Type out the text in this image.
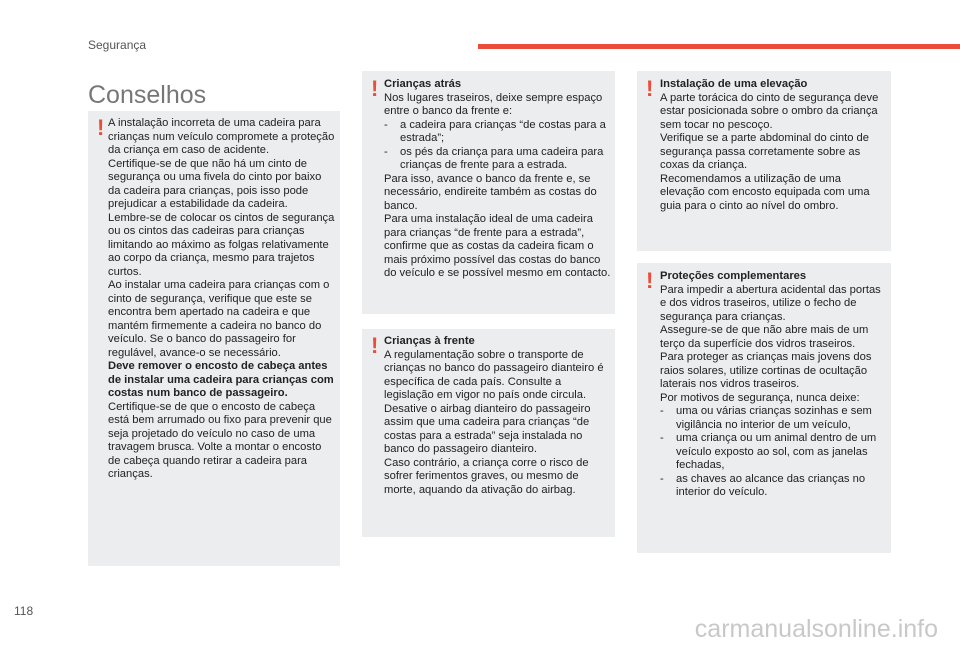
Segurança
Conselhos
! A instalação incorreta de uma cadeira para crianças num veículo compromete a proteção da criança em caso de acidente.

Certifique-se de que não há um cinto de segurança ou uma fivela do cinto por baixo da cadeira para crianças, pois isso pode prejudicar a estabilidade da cadeira.

Lembre-se de colocar os cintos de segurança ou os cintos das cadeiras para crianças limitando ao máximo as folgas relativamente ao corpo da criança, mesmo para trajetos curtos.

Ao instalar uma cadeira para crianças com o cinto de segurança, verifique que este se encontra bem apertado na cadeira e que mantém firmemente a cadeira no banco do veículo. Se o banco do passageiro for regulável, avance-o se necessário.

Deve remover o encosto de cabeça antes de instalar uma cadeira para crianças com costas num banco de passageiro.

Certifique-se de que o encosto de cabeça está bem arrumado ou fixo para prevenir que seja projetado do veículo no caso de uma travagem brusca. Volte a montar o encosto de cabeça quando retirar a cadeira para crianças.

! Crianças atrás

Nos lugares traseiros, deixe sempre espaço entre o banco da frente e:

-	a cadeira para crianças “de costas para a estrada”;
-	os pés da criança para uma cadeira para crianças de frente para a estrada.

Para isso, avance o banco da frente e, se necessário, endireite também as costas do banco.

Para uma instalação ideal de uma cadeira para crianças “de frente para a estrada”, confirme que as costas da cadeira ficam o mais próximo possível das costas do banco do veículo e se possível mesmo em contacto.

! Crianças à frente

A regulamentação sobre o transporte de crianças no banco do passageiro dianteiro é específica de cada país. Consulte a legislação em vigor no país onde circula.

Desative o airbag dianteiro do passageiro assim que uma cadeira para crianças “de costas para a estrada” seja instalada no banco do passageiro dianteiro.

Caso contrário, a criança corre o risco de sofrer ferimentos graves, ou mesmo de morte, aquando da ativação do airbag.

! Instalação de uma elevação

A parte torácica do cinto de segurança deve estar posicionada sobre o ombro da criança sem tocar no pescoço.

Verifique se a parte abdominal do cinto de segurança passa corretamente sobre as coxas da criança.

Recomendamos a utilização de uma elevação com encosto equipada com uma guia para o cinto ao nível do ombro.

! Proteções complementares

Para impedir a abertura acidental das portas e dos vidros traseiros, utilize o fecho de segurança para crianças.

Assegure-se de que não abre mais de um terço da superfície dos vidros traseiros.

Para proteger as crianças mais jovens dos raios solares, utilize cortinas de ocultação laterais nos vidros traseiros.

Por motivos de segurança, nunca deixe:

-	uma ou várias crianças sozinhas e sem vigilância no interior de um veículo,
-	uma criança ou um animal dentro de um veículo exposto ao sol, com as janelas fechadas,
-	as chaves ao alcance das crianças no interior do veículo.
118
carmanualsonline.info
